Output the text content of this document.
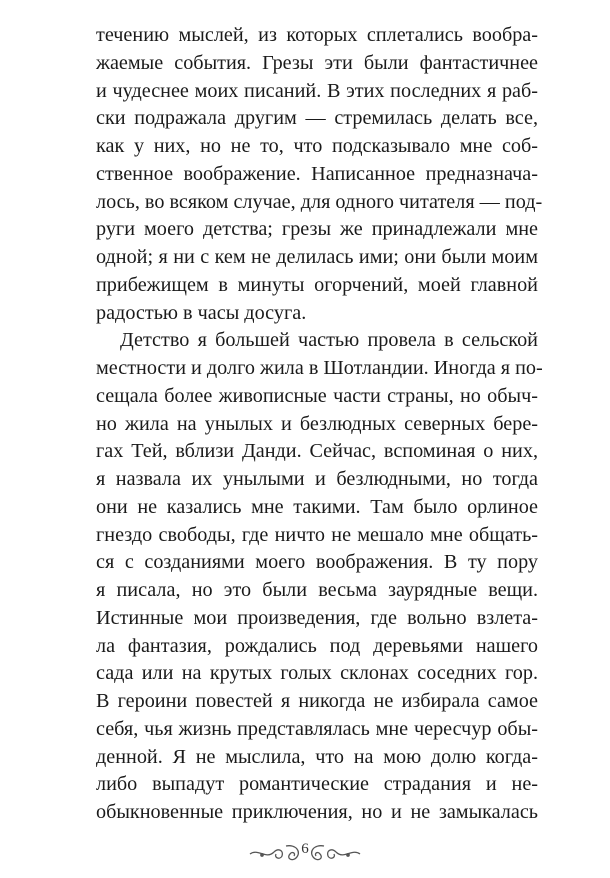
течению мыслей, из которых сплетались вообра-
жаемые события. Грезы эти были фантастичнее
и чудеснее моих писаний. В этих последних я раб-
ски подражала другим — стремилась делать все,
как у них, но не то, что подсказывало мне соб-
ственное воображение. Написанное предназнача-
лось, во всяком случае, для одного читателя — под-
руги моего детства; грезы же принадлежали мне
одной; я ни с кем не делилась ими; они были моим
прибежищем в минуты огорчений, моей главной
радостью в часы досуга.
Детство я большей частью провела в сельской
местности и долго жила в Шотландии. Иногда я по-
сещала более живописные части страны, но обыч-
но жила на унылых и безлюдных северных бере-
гах Тей, вблизи Данди. Сейчас, вспоминая о них,
я назвала их унылыми и безлюдными, но тогда
они не казались мне такими. Там было орлиное
гнездо свободы, где ничто не мешало мне общать-
ся с созданиями моего воображения. В ту пору
я писала, но это были весьма заурядные вещи.
Истинные мои произведения, где вольно взлета-
ла фантазия, рождались под деревьями нашего
сада или на крутых голых склонах соседних гор.
В героини повестей я никогда не избирала самое
себя, чья жизнь представлялась мне чересчур обы-
денной. Я не мыслила, что на мою долю когда-
либо выпадут романтические страдания и не-
обыкновенные приключения, но и не замыкалась
6
